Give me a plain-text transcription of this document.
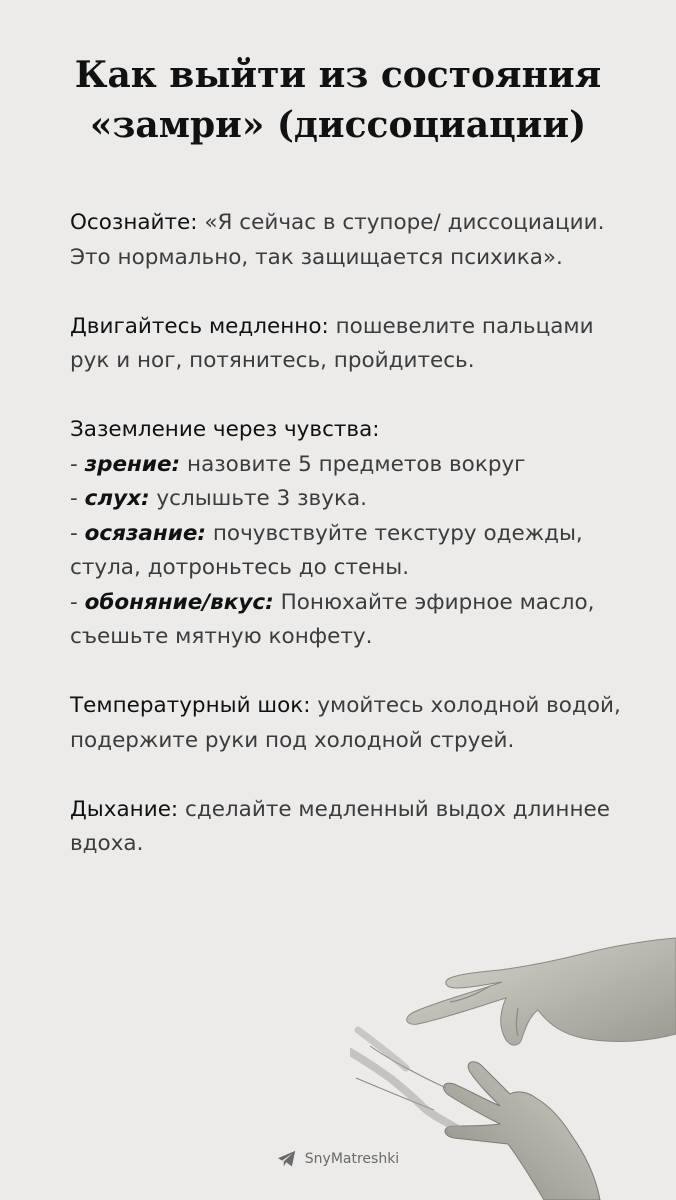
Как выйти из состояния
«замри» (диссоциации)

Осознайте: «Я сейчас в ступоре/ диссоциации. Это нормально, так защищается психика».

Двигайтесь медленно: пошевелите пальцами рук и ног, потянитесь, пройдитесь.

Заземление через чувства:

- зрение: назовите 5 предметов вокруг

- слух: услышьте 3 звука.

- осязание: почувствуйте текстуру одежды, стула, дотроньтесь до стены.

- обоняние/вкус: Понюхайте эфирное масло, съешьте мятную конфету.

Температурный шок: умойтесь холодной водой, подержите руки под холодной струей.

Дыхание: сделайте медленный выдох длиннее вдоха.

SnyMatreshki
